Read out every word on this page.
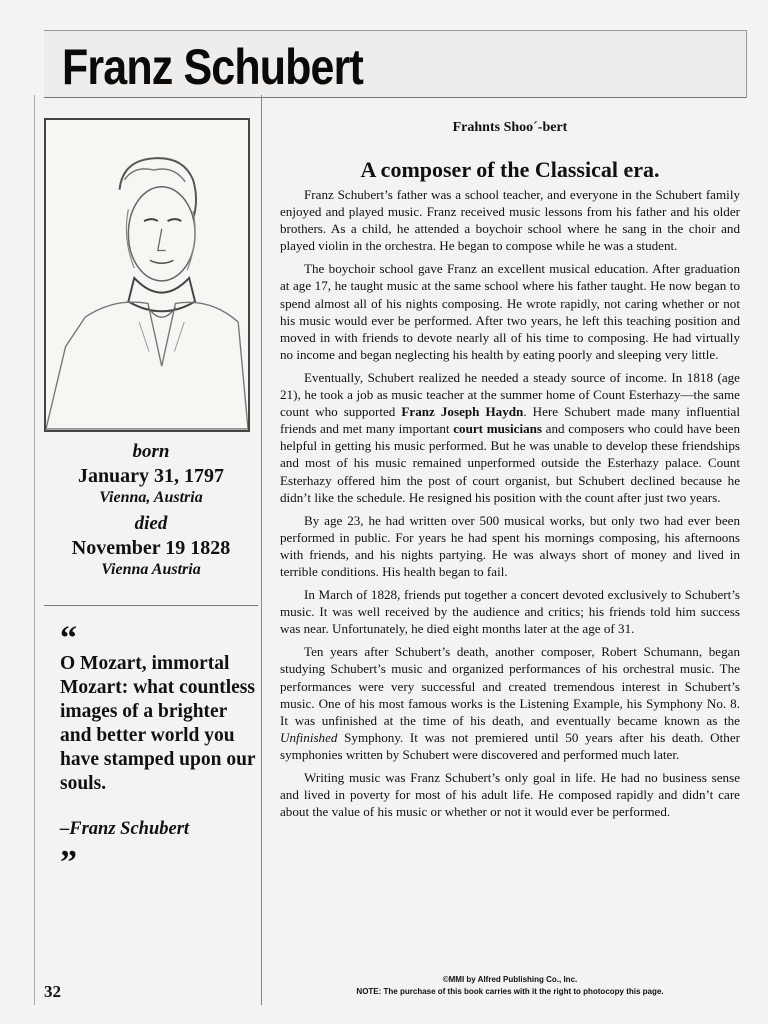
Franz Schubert
born
January 31, 1797
Vienna, Austria
died
November 19 1828
Vienna Austria
“
O Mozart, immortal Mozart: what countless images of a brighter and better world you have stamped upon our souls.
–Franz Schubert
”
32
Frahnts Shoo´-bert
A composer of the Classical era.

Franz Schubert’s father was a school teacher, and everyone in the Schubert family enjoyed and played music. Franz received music lessons from his father and his older brothers. As a child, he attended a boychoir school where he sang in the choir and played violin in the orchestra. He began to compose while he was a student.

The boychoir school gave Franz an excellent musical education. After graduation at age 17, he taught music at the same school where his father taught. He now began to spend almost all of his nights composing. He wrote rapidly, not caring whether or not his music would ever be performed. After two years, he left this teaching position and moved in with friends to devote nearly all of his time to composing. He had virtually no income and began neglecting his health by eating poorly and sleeping very little.

Eventually, Schubert realized he needed a steady source of income. In 1818 (age 21), he took a job as music teacher at the summer home of Count Esterhazy—the same count who supported Franz Joseph Haydn. Here Schubert made many influential friends and met many important court musicians and composers who could have been helpful in getting his music performed. But he was unable to develop these friendships and most of his music remained unperformed outside the Esterhazy palace. Count Esterhazy offered him the post of court organist, but Schubert declined because he didn’t like the schedule. He resigned his position with the count after just two years.

By age 23, he had written over 500 musical works, but only two had ever been performed in public. For years he had spent his mornings composing, his afternoons with friends, and his nights partying. He was always short of money and lived in terrible conditions. His health began to fail.

In March of 1828, friends put together a concert devoted exclusively to Schubert’s music. It was well received by the audience and critics; his friends told him success was near. Unfortunately, he died eight months later at the age of 31.

Ten years after Schubert’s death, another composer, Robert Schumann, began studying Schubert’s music and organized performances of his orchestral music. The performances were very successful and created tremendous interest in Schubert’s music. One of his most famous works is the Listening Example, his Symphony No. 8. It was unfinished at the time of his death, and eventually became known as the Unfinished Symphony. It was not premiered until 50 years after his death. Other symphonies written by Schubert were discovered and performed much later.

Writing music was Franz Schubert’s only goal in life. He had no business sense and lived in poverty for most of his adult life. He composed rapidly and didn’t care about the value of his music or whether or not it would ever be performed.

©MMI by Alfred Publishing Co., Inc.
NOTE: The purchase of this book carries with it the right to photocopy this page.
